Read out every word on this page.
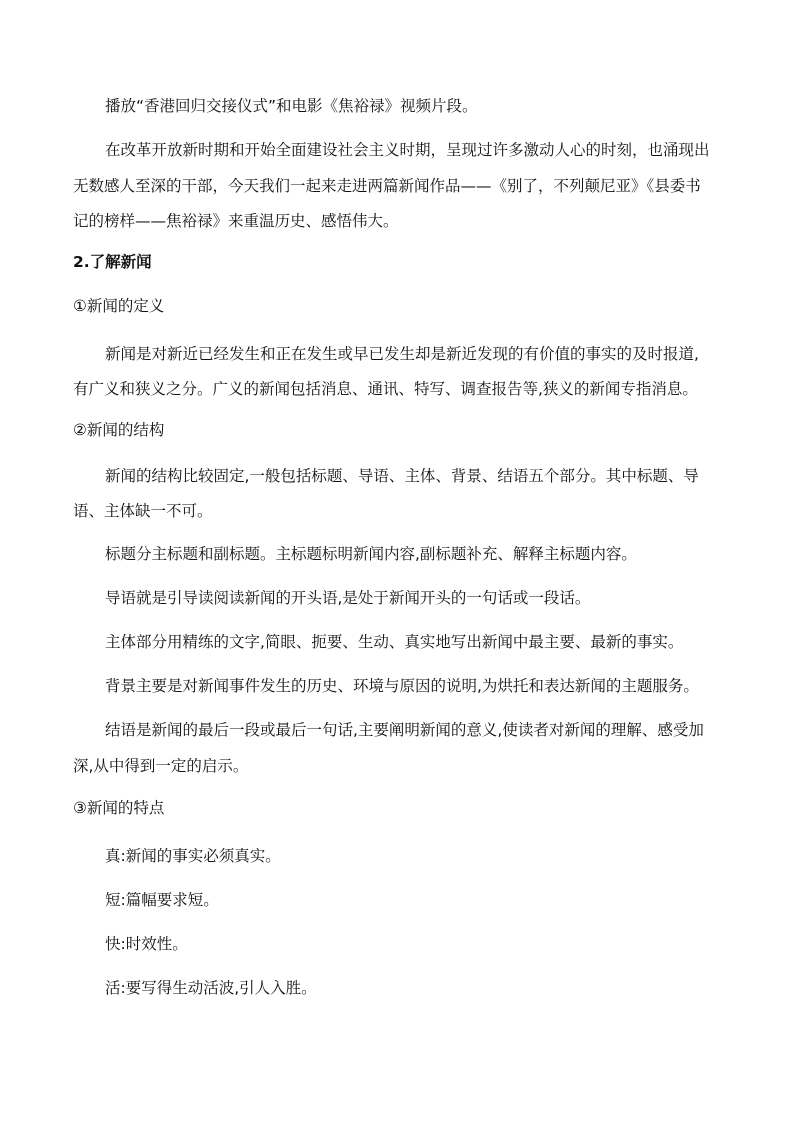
播放“香港回归交接仪式”和电影《焦裕禄》视频片段。
在改革开放新时期和开始全面建设社会主义时期，呈现过许多激动人心的时刻，也涌现出
无数感人至深的干部，今天我们一起来走进两篇新闻作品——《别了，不列颠尼亚》《县委书
记的榜样——焦裕禄》来重温历史、感悟伟大。
2.了解新闻
①新闻的定义
新闻是对新近已经发生和正在发生或早已发生却是新近发现的有价值的事实的及时报道,
有广义和狭义之分。广义的新闻包括消息、通讯、特写、调查报告等,狭义的新闻专指消息。
②新闻的结构
新闻的结构比较固定,一般包括标题、导语、主体、背景、结语五个部分。其中标题、导
语、主体缺一不可。
标题分主标题和副标题。主标题标明新闻内容,副标题补充、解释主标题内容。
导语就是引导读阅读新闻的开头语,是处于新闻开头的一句话或一段话。
主体部分用精练的文字,简眼、扼要、生动、真实地写出新闻中最主要、最新的事实。
背景主要是对新闻事件发生的历史、环境与原因的说明,为烘托和表达新闻的主题服务。
结语是新闻的最后一段或最后一句话,主要阐明新闻的意义,使读者对新闻的理解、感受加
深,从中得到一定的启示。
③新闻的特点
真:新闻的事实必须真实。
短:篇幅要求短。
快:时效性。
活:要写得生动活波,引人入胜。
